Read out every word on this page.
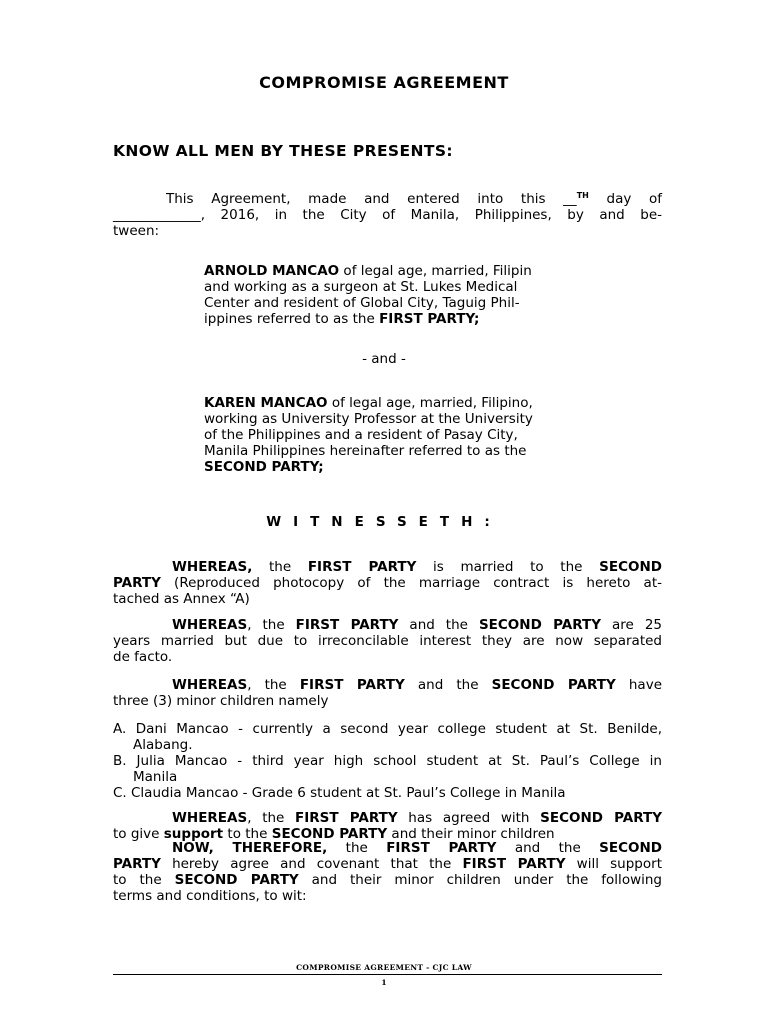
COMPROMISE AGREEMENT
KNOW ALL MEN BY THESE PRESENTS:
This Agreement, made and entered into this __$^{TH}$ day of
_____________, 2016, in the City of Manila, Philippines, by and be-
tween:
ARNOLD MANCAO of legal age, married, Filipin
and working as a surgeon at St. Lukes Medical
Center and resident of Global City, Taguig Phil-
ippines referred to as the FIRST PARTY;
- and -
KAREN MANCAO of legal age, married, Filipino,
working as University Professor at the University
of the Philippines and a resident of Pasay City,
Manila Philippines hereinafter referred to as the
SECOND PARTY;
WITNESSETH:
WHEREAS, the FIRST PARTY is married to the SECOND
PARTY (Reproduced photocopy of the marriage contract is hereto at-
tached as Annex “A)
WHEREAS, the FIRST PARTY and the SECOND PARTY are 25
years married but due to irreconcilable interest they are now separated
de facto.
WHEREAS, the FIRST PARTY and the SECOND PARTY have
three (3) minor children namely
A. Dani Mancao - currently a second year college student at St. Benilde,
Alabang.
B. Julia Mancao - third year high school student at St. Paul’s College in
Manila
C. Claudia Mancao - Grade 6 student at St. Paul’s College in Manila
WHEREAS, the FIRST PARTY has agreed with SECOND PARTY
to give support to the SECOND PARTY and their minor children
NOW, THEREFORE, the FIRST PARTY and the SECOND
PARTY hereby agree and covenant that the FIRST PARTY will support
to the SECOND PARTY and their minor children under the following
terms and conditions, to wit:
COMPROMISE AGREEMENT - CJC LAW
1
